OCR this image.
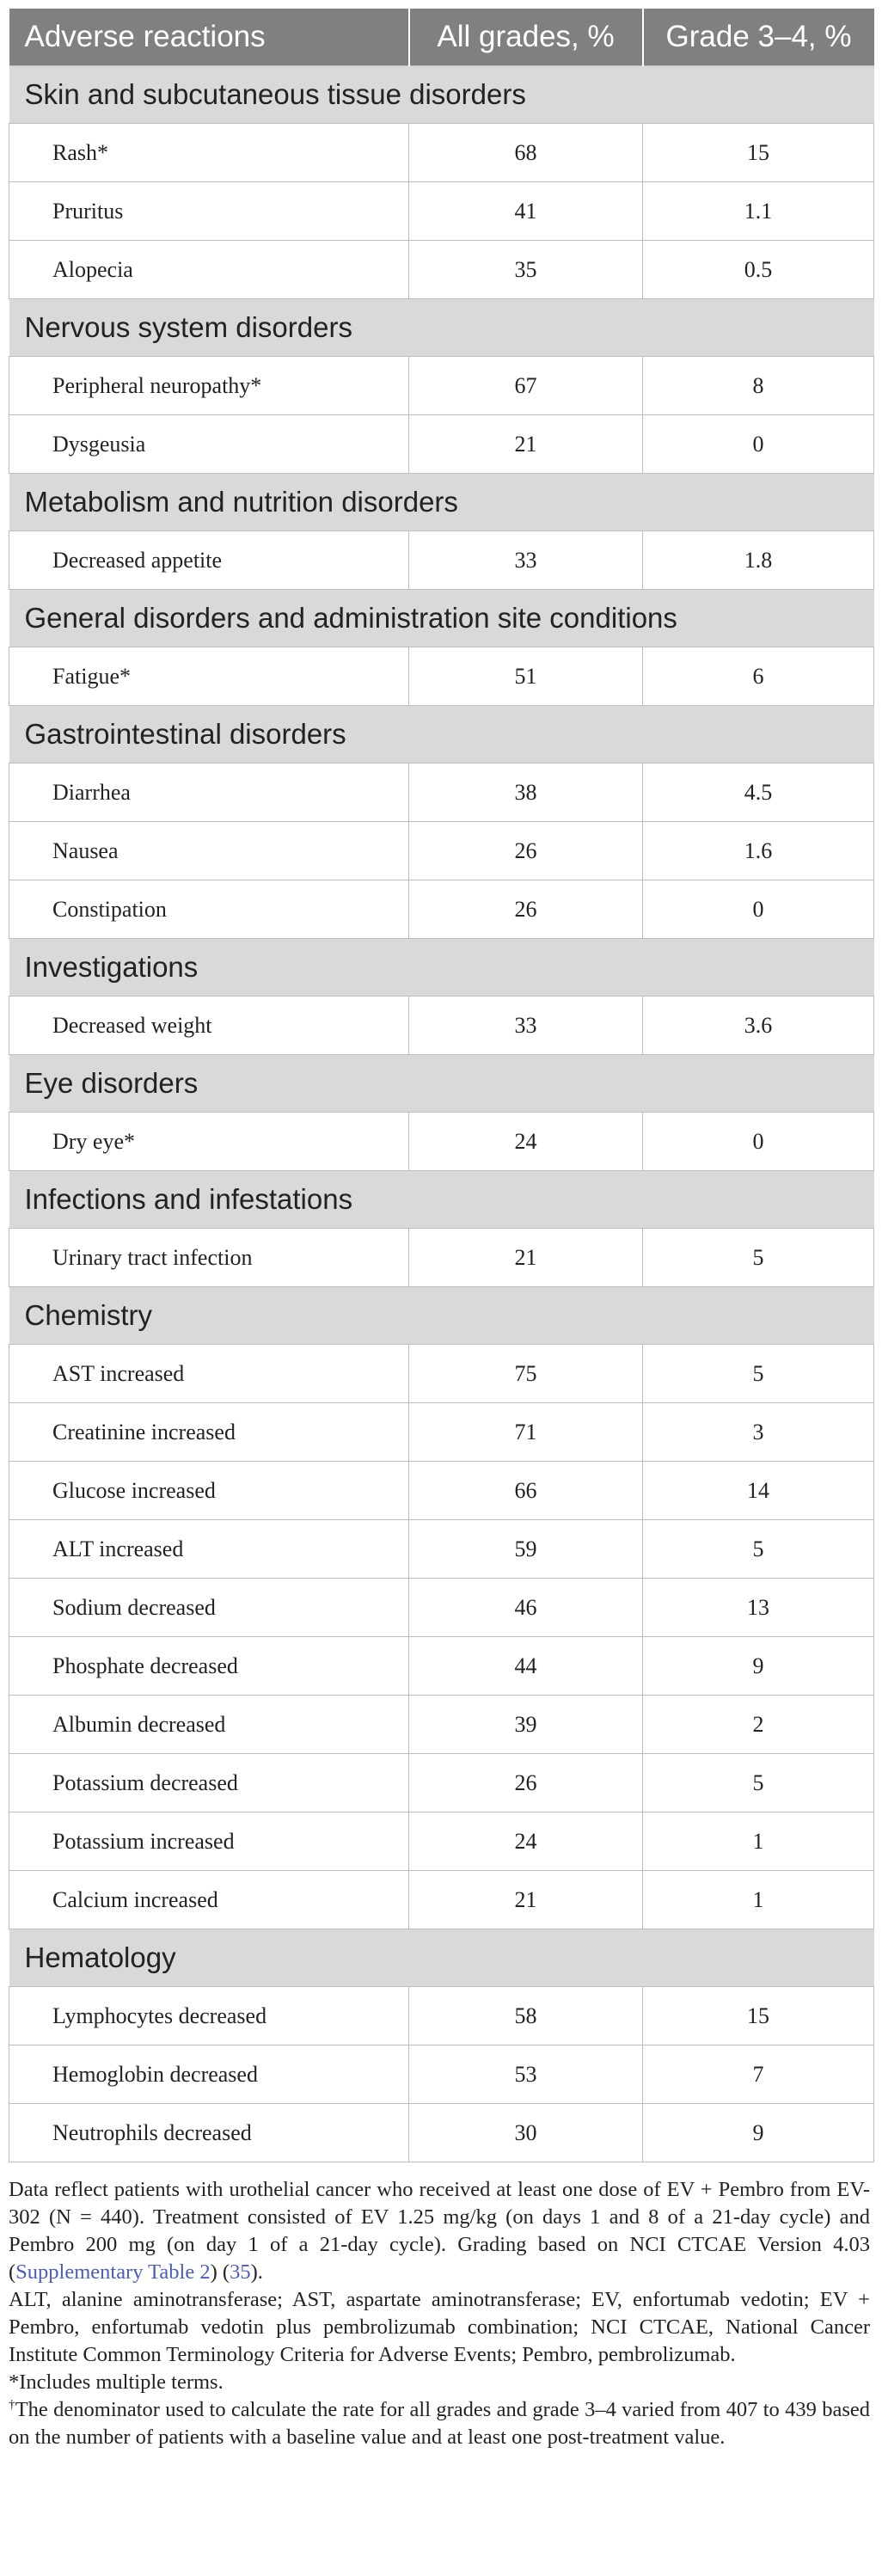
Adverse reactions	All grades, %	Grade 3–4, %
Skin and subcutaneous tissue disorders		
Rash*	68	15
Pruritus	41	1.1
Alopecia	35	0.5
Nervous system disorders		
Peripheral neuropathy*	67	8
Dysgeusia	21	0
Metabolism and nutrition disorders		
Decreased appetite	33	1.8
General disorders and administration site conditions		
Fatigue*	51	6
Gastrointestinal disorders		
Diarrhea	38	4.5
Nausea	26	1.6
Constipation	26	0
Investigations		
Decreased weight	33	3.6
Eye disorders		
Dry eye*	24	0
Infections and infestations		
Urinary tract infection	21	5
Chemistry		
AST increased	75	5
Creatinine increased	71	3
Glucose increased	66	14
ALT increased	59	5
Sodium decreased	46	13
Phosphate decreased	44	9
Albumin decreased	39	2
Potassium decreased	26	5
Potassium increased	24	1
Calcium increased	21	1
Hematology		
Lymphocytes decreased	58	15
Hemoglobin decreased	53	7
Neutrophils decreased	30	9

Data reflect patients with urothelial cancer who received at least one dose of EV + Pembro from EV-302 (N = 440). Treatment consisted of EV 1.25 mg/kg (on days 1 and 8 of a 21-day cycle) and Pembro 200 mg (on day 1 of a 21-day cycle). Grading based on NCI CTCAE Version 4.03 (Supplementary Table 2) (35).

ALT, alanine aminotransferase; AST, aspartate aminotransferase; EV, enfortumab vedotin; EV + Pembro, enfortumab vedotin plus pembrolizumab combination; NCI CTCAE, National Cancer Institute Common Terminology Criteria for Adverse Events; Pembro, pembrolizumab.

*Includes multiple terms.

†The denominator used to calculate the rate for all grades and grade 3–4 varied from 407 to 439 based on the number of patients with a baseline value and at least one post-treatment value.
